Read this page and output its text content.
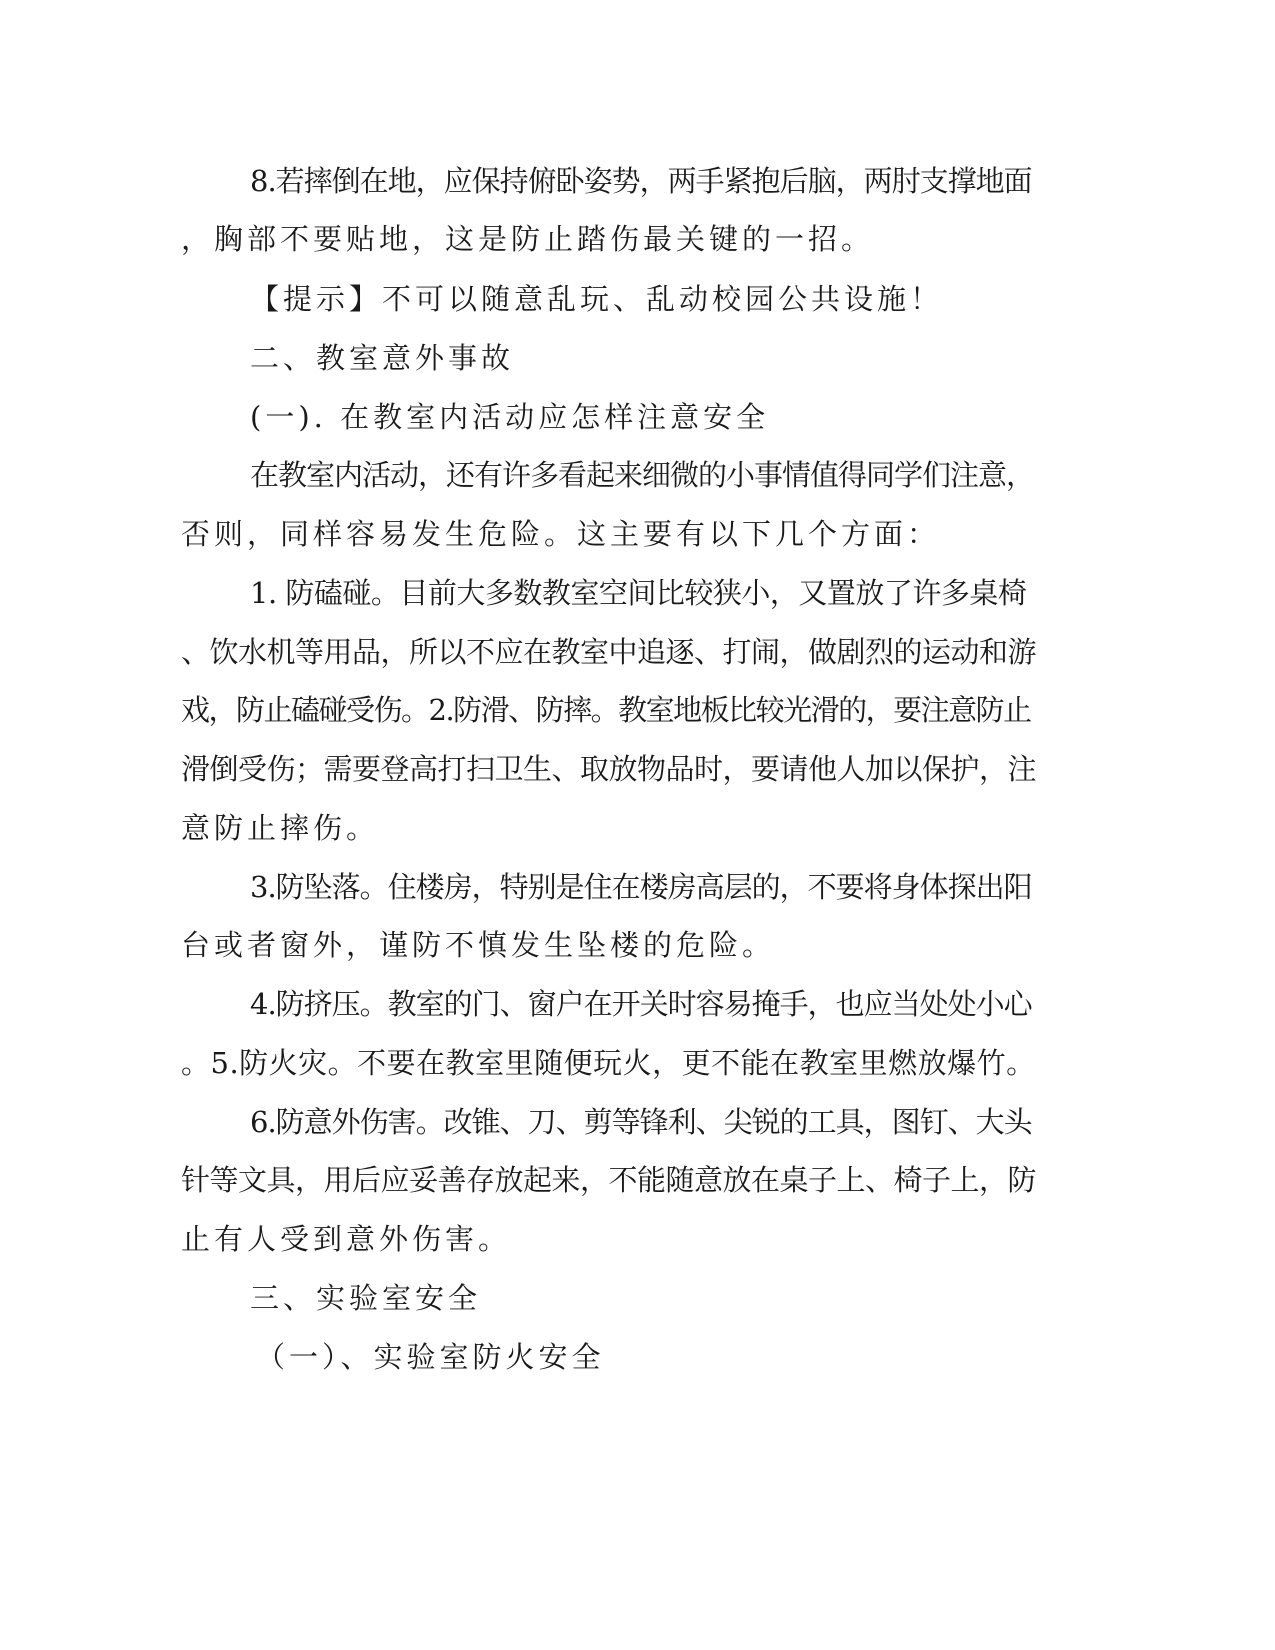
8.若摔倒在地，应保持俯卧姿势，两手紧抱后脑，两肘支撑地面
，胸部不要贴地，这是防止踏伤最关键的一招。
【提示】不可以随意乱玩、乱动校园公共设施！
二、教室意外事故
(一). 在教室内活动应怎样注意安全
在教室内活动，还有许多看起来细微的小事情值得同学们注意，
否则，同样容易发生危险。这主要有以下几个方面：
1. 防磕碰。目前大多数教室空间比较狭小，又置放了许多桌椅
、饮水机等用品，所以不应在教室中追逐、打闹，做剧烈的运动和游
戏，防止磕碰受伤。2.防滑、防摔。教室地板比较光滑的，要注意防止
滑倒受伤；需要登高打扫卫生、取放物品时，要请他人加以保护，注
意防止摔伤。
3.防坠落。住楼房，特别是住在楼房高层的，不要将身体探出阳
台或者窗外，谨防不慎发生坠楼的危险。
4.防挤压。教室的门、窗户在开关时容易掩手，也应当处处小心
。5.防火灾。不要在教室里随便玩火，更不能在教室里燃放爆竹。
6.防意外伤害。改锥、刀、剪等锋利、尖锐的工具，图钉、大头
针等文具，用后应妥善存放起来，不能随意放在桌子上、椅子上，防
止有人受到意外伤害。
三、实验室安全
（一）、实验室防火安全
